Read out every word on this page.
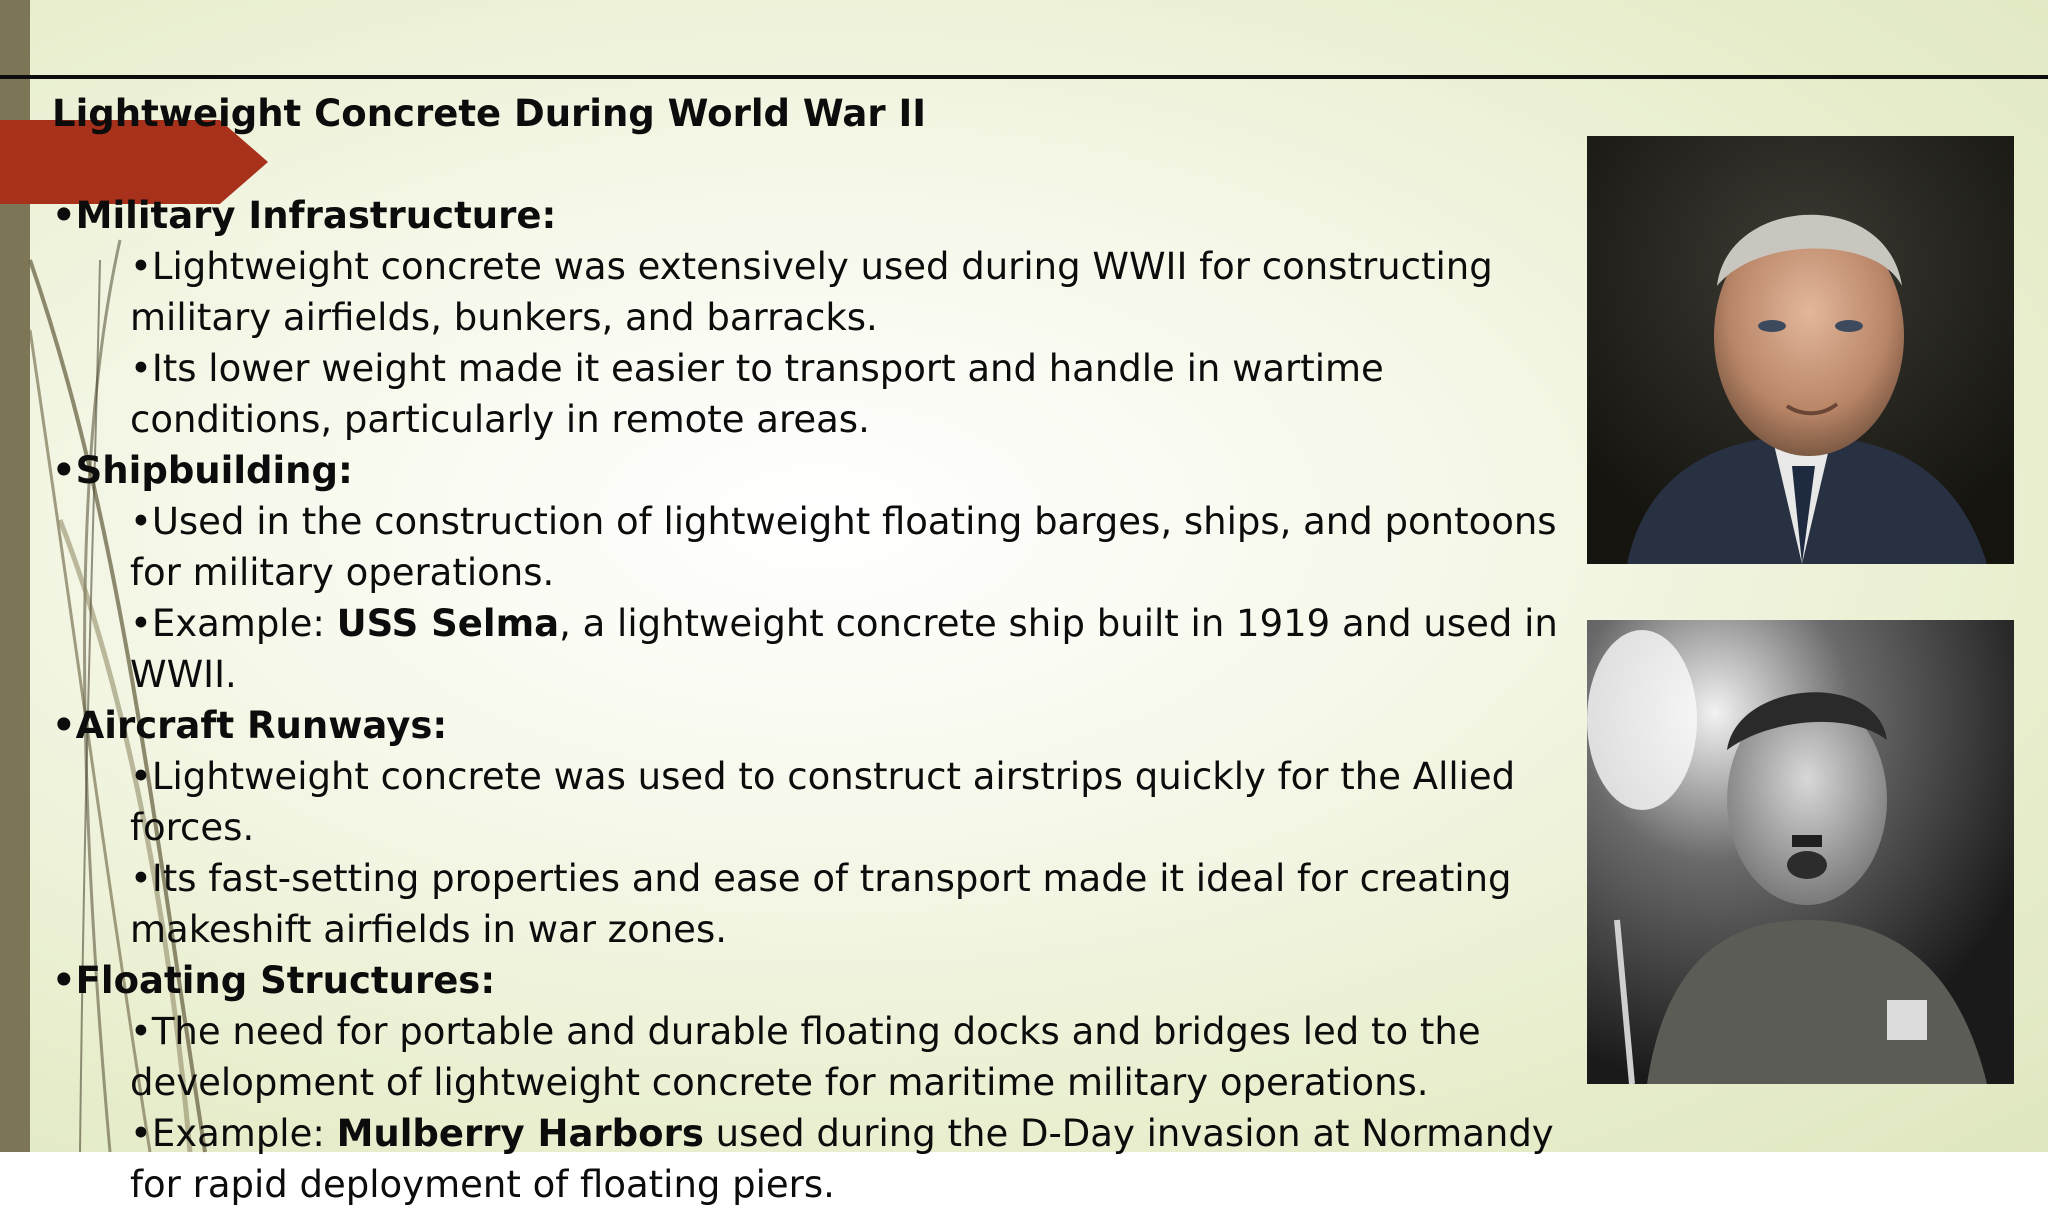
Lightweight Concrete During World War II
•Military Infrastructure:
•Lightweight concrete was extensively used during WWII for constructing military airfields, bunkers, and barracks.
•Its lower weight made it easier to transport and handle in wartime conditions, particularly in remote areas.
•Shipbuilding:
•Used in the construction of lightweight floating barges, ships, and pontoons for military operations.
•Example: USS Selma, a lightweight concrete ship built in 1919 and used in WWII.
•Aircraft Runways:
•Lightweight concrete was used to construct airstrips quickly for the Allied forces.
•Its fast-setting properties and ease of transport made it ideal for creating makeshift airfields in war zones.
•Floating Structures:
•The need for portable and durable floating docks and bridges led to the development of lightweight concrete for maritime military operations.
•Example: Mulberry Harbors used during the D-Day invasion at Normandy for rapid deployment of floating piers.
